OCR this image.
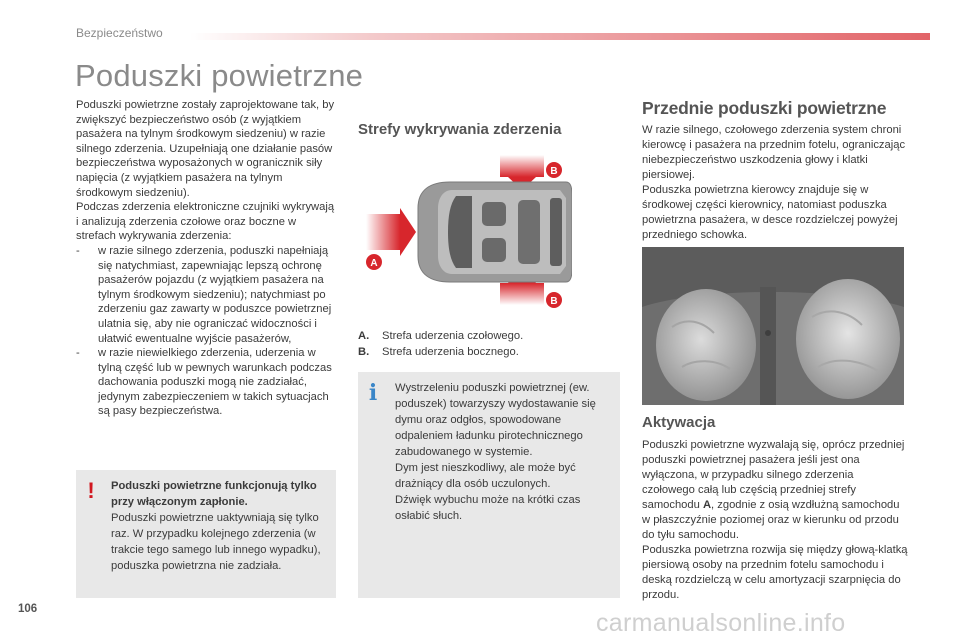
Bezpieczeństwo
Poduszki powietrzne

Poduszki powietrzne zostały zaprojektowane tak, by zwiększyć bezpieczeństwo osób (z wyjątkiem pasażera na tylnym środkowym siedzeniu) w razie silnego zderzenia. Uzupełniają one działanie pasów bezpieczeństwa wyposażonych w ogranicznik siły napięcia (z wyjątkiem pasażera na tylnym środkowym siedzeniu).

Podczas zderzenia elektroniczne czujniki wykrywają i analizują zderzenia czołowe oraz boczne w strefach wykrywania zderzenia:

-	w razie silnego zderzenia, poduszki napełniają się natychmiast, zapewniając lepszą ochronę pasażerów pojazdu (z wyjątkiem pasażera na tylnym środkowym siedzeniu); natychmiast po zderzeniu gaz zawarty w poduszce powietrznej ulatnia się, aby nie ograniczać widoczności i ułatwić ewentualne wyjście pasażerów,
-	w razie niewielkiego zderzenia, uderzenia w tylną część lub w pewnych warunkach podczas dachowania poduszki mogą nie zadziałać, jedynym zabezpieczeniem w takich sytuacjach są pasy bezpieczeństwa.
! Poduszki powietrzne funkcjonują tylko przy włączonym zapłonie.
Poduszki powietrzne uaktywniają się tylko raz. W przypadku kolejnego zderzenia (w trakcie tego samego lub innego wypadku), poduszka powietrzna nie zadziała.
Strefy wykrywania zderzenia
B
B
A
A. Strefa uderzenia czołowego.
B. Strefa uderzenia bocznego.
i Wystrzeleniu poduszki powietrznej (ew. poduszek) towarzyszy wydostawanie się dymu oraz odgłos, spowodowane odpaleniem ładunku pirotechnicznego zabudowanego w systemie.
Dym jest nieszkodliwy, ale może być drażniący dla osób uczulonych.
Dźwięk wybuchu może na krótki czas osłabić słuch.
Przednie poduszki powietrzne
W razie silnego, czołowego zderzenia system chroni kierowcę i pasażera na przednim fotelu, ograniczając niebezpieczeństwo uszkodzenia głowy i klatki piersiowej.
Poduszka powietrzna kierowcy znajduje się w środkowej części kierownicy, natomiast poduszka powietrzna pasażera, w desce rozdzielczej powyżej przedniego schowka.
Aktywacja
Poduszki powietrzne wyzwalają się, oprócz przedniej poduszki powietrznej pasażera jeśli jest ona wyłączona, w przypadku silnego zderzenia czołowego całą lub częścią przedniej strefy samochodu A, zgodnie z osią wzdłużną samochodu w płaszczyźnie poziomej oraz w kierunku od przodu do tyłu samochodu.
Poduszka powietrzna rozwija się między głową-klatką piersiową osoby na przednim fotelu samochodu i deską rozdzielczą w celu amortyzacji szarpnięcia do przodu.
106	carmanualsonline.info
